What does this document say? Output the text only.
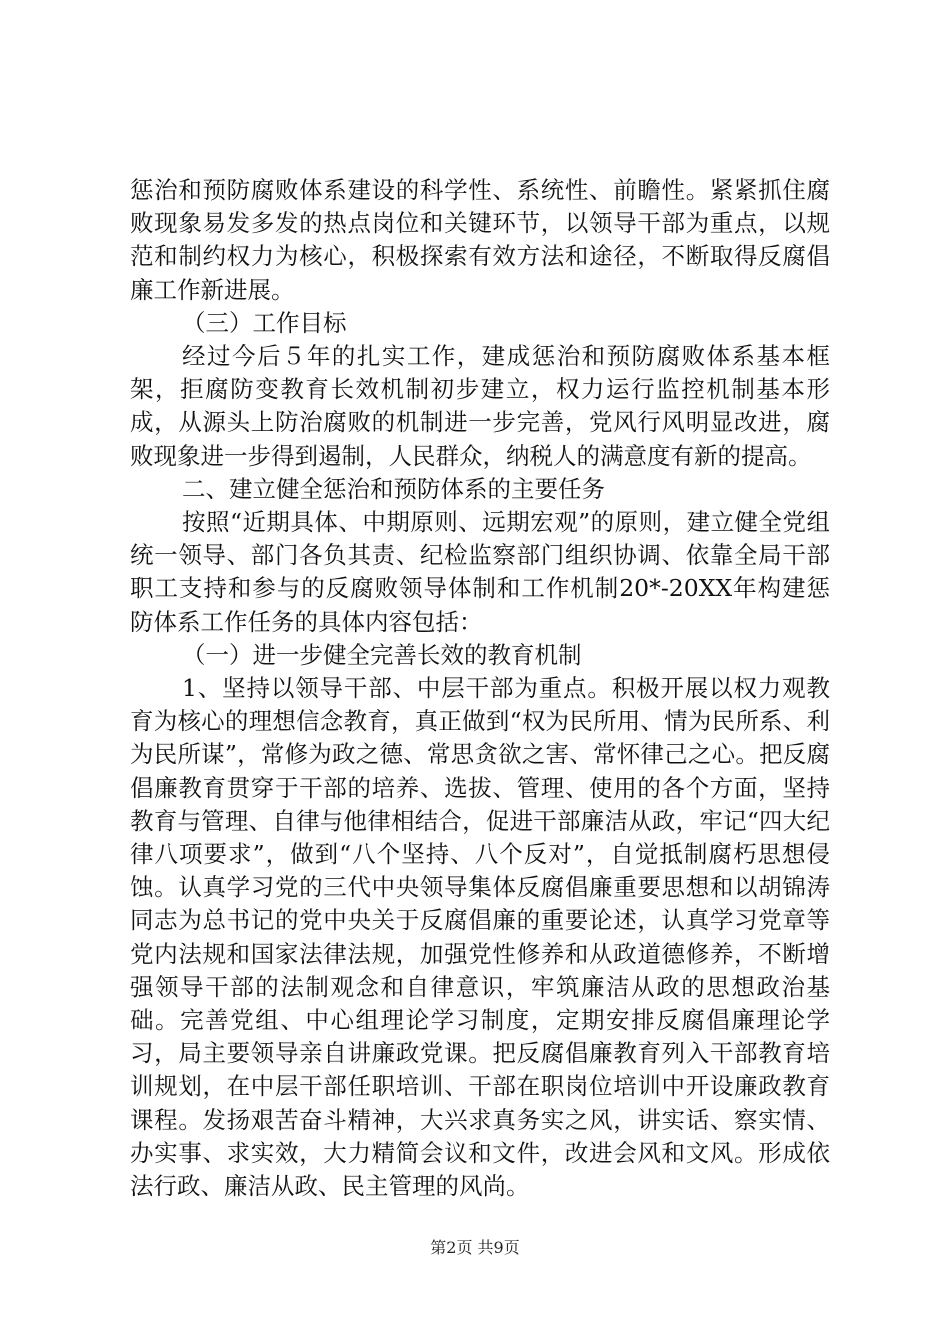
惩治和预防腐败体系建设的科学性、系统性、前瞻性。紧紧抓住腐败现象易发多发的热点岗位和关键环节，以领导干部为重点，以规范和制约权力为核心，积极探索有效方法和途径，不断取得反腐倡廉工作新进展。

（三）工作目标

经过今后５年的扎实工作，建成惩治和预防腐败体系基本框架，拒腐防变教育长效机制初步建立，权力运行监控机制基本形成，从源头上防治腐败的机制进一步完善，党风行风明显改进，腐败现象进一步得到遏制，人民群众，纳税人的满意度有新的提高。

二、建立健全惩治和预防体系的主要任务

按照“近期具体、中期原则、远期宏观”的原则，建立健全党组统一领导、部门各负其责、纪检监察部门组织协调、依靠全局干部职工支持和参与的反腐败领导体制和工作机制20*-20XX年构建惩防体系工作任务的具体内容包括：

（一）进一步健全完善长效的教育机制

1、坚持以领导干部、中层干部为重点。积极开展以权力观教育为核心的理想信念教育，真正做到“权为民所用、情为民所系、利为民所谋”，常修为政之德、常思贪欲之害、常怀律己之心。把反腐倡廉教育贯穿于干部的培养、选拔、管理、使用的各个方面，坚持教育与管理、自律与他律相结合，促进干部廉洁从政，牢记“四大纪律八项要求”，做到“八个坚持、八个反对”，自觉抵制腐朽思想侵蚀。认真学习党的三代中央领导集体反腐倡廉重要思想和以胡锦涛同志为总书记的党中央关于反腐倡廉的重要论述，认真学习党章等党内法规和国家法律法规，加强党性修养和从政道德修养，不断增强领导干部的法制观念和自律意识，牢筑廉洁从政的思想政治基础。完善党组、中心组理论学习制度，定期安排反腐倡廉理论学习，局主要领导亲自讲廉政党课。把反腐倡廉教育列入干部教育培训规划，在中层干部任职培训、干部在职岗位培训中开设廉政教育课程。发扬艰苦奋斗精神，大兴求真务实之风，讲实话、察实情、办实事、求实效，大力精简会议和文件，改进会风和文风。形成依法行政、廉洁从政、民主管理的风尚。

第2页 共9页
